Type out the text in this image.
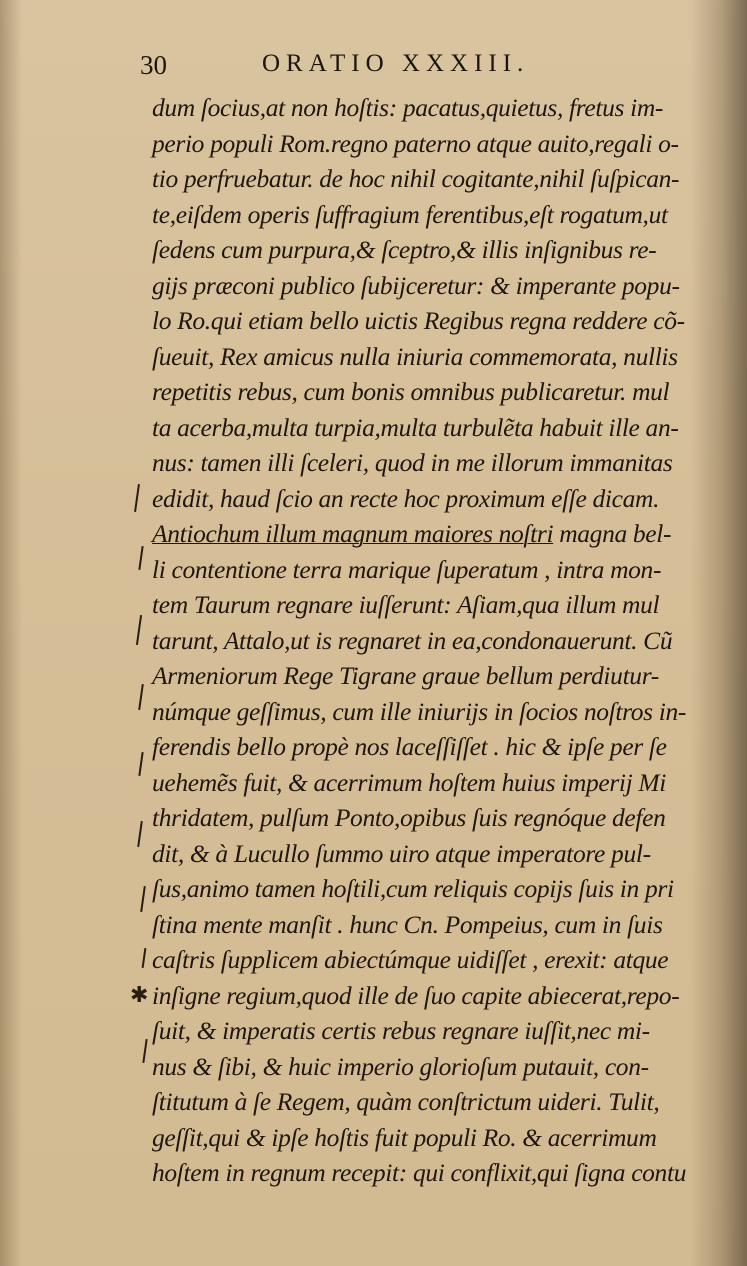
30	ORATIO XXXIII.
✱
dum ſocius,at non hoſtis: pacatus,quietus, fretus im-
perio populi Rom.regno paterno atque auito,regali o-
tio perfruebatur. de hoc nihil cogitante,nihil ſuſpican-
te,eiſdem operis ſuffragium ferentibus,eſt rogatum,ut
ſedens cum purpura,& ſceptro,& illis inſignibus re-
gijs præconi publico ſubijceretur: & imperante popu-
lo Ro.qui etiam bello uictis Regibus regna reddere cõ-
ſueuit, Rex amicus nulla iniuria commemorata, nullis
repetitis rebus, cum bonis omnibus publicaretur. mul
ta acerba,multa turpia,multa turbulẽta habuit ille an-
nus: tamen illi ſceleri, quod in me illorum immanitas
edidit, haud ſcio an recte hoc proximum eſſe dicam.
Antiochum illum magnum maiores noſtri magna bel-
li contentione terra marique ſuperatum , intra mon-
tem Taurum regnare iuſſerunt: Aſiam,qua illum mul
tarunt, Attalo,ut is regnaret in ea,condonauerunt. Cũ
Armeniorum Rege Tigrane graue bellum perdiutur-
númque geſſimus, cum ille iniurijs in ſocios noſtros in-
ferendis bello propè nos laceſſiſſet . hic & ipſe per ſe
uehemẽs fuit, & acerrimum hoſtem huius imperij Mi
thridatem, pulſum Ponto,opibus ſuis regnóque defen
dit, & à Lucullo ſummo uiro atque imperatore pul-
ſus,animo tamen hoſtili,cum reliquis copijs ſuis in pri
ſtina mente manſit . hunc Cn. Pompeius, cum in ſuis
caſtris ſupplicem abiectúmque uidiſſet , erexit: atque
inſigne regium,quod ille de ſuo capite abiecerat,repo-
ſuit, & imperatis certis rebus regnare iuſſit,nec mi-
nus & ſibi, & huic imperio glorioſum putauit, con-
ſtitutum à ſe Regem, quàm conſtrictum uideri. Tulit,
geſſit,qui & ipſe hoſtis fuit populi Ro. & acerrimum
hoſtem in regnum recepit: qui conflixit,qui ſigna contu
